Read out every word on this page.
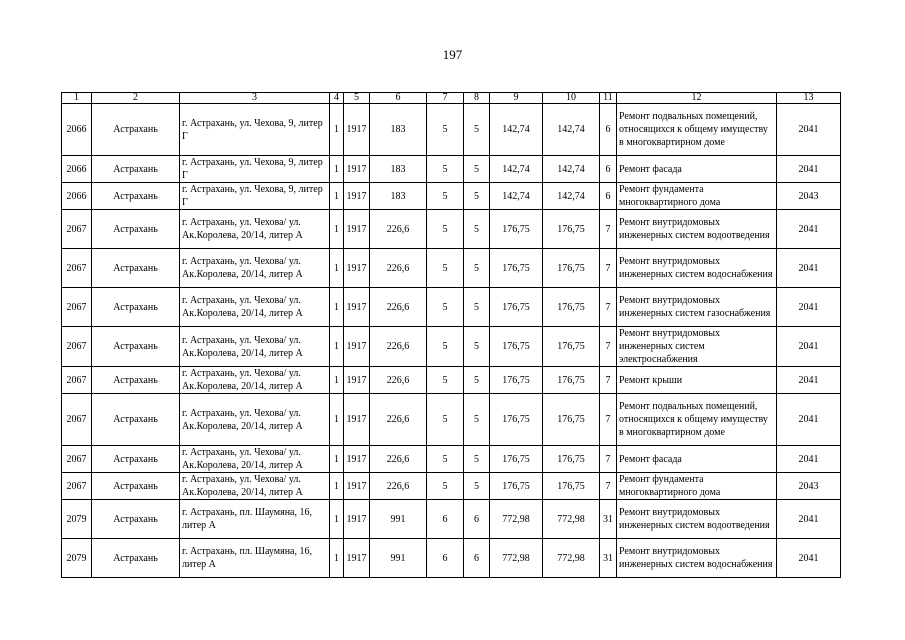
197
1	2	3	4	5	6	7	8	9	10	11	12	13
2066	Астрахань	г. Астрахань, ул. Чехова, 9, литер Г	1	1917	183	5	5	142,74	142,74	6	Ремонт подвальных помещений, относящихся к общему имуществу в многоквартирном доме	2041
2066	Астрахань	г. Астрахань, ул. Чехова, 9, литер Г	1	1917	183	5	5	142,74	142,74	6	Ремонт фасада	2041
2066	Астрахань	г. Астрахань, ул. Чехова, 9, литер Г	1	1917	183	5	5	142,74	142,74	6	Ремонт фундамента многоквартирного дома	2043
2067	Астрахань	г. Астрахань, ул. Чехова/ ул. Ак.Королева, 20/14, литер А	1	1917	226,6	5	5	176,75	176,75	7	Ремонт внутридомовых инженерных систем водоотведения	2041
2067	Астрахань	г. Астрахань, ул. Чехова/ ул. Ак.Королева, 20/14, литер А	1	1917	226,6	5	5	176,75	176,75	7	Ремонт внутридомовых инженерных систем водоснабжения	2041
2067	Астрахань	г. Астрахань, ул. Чехова/ ул. Ак.Королева, 20/14, литер А	1	1917	226,6	5	5	176,75	176,75	7	Ремонт внутридомовых инженерных систем газоснабжения	2041
2067	Астрахань	г. Астрахань, ул. Чехова/ ул. Ак.Королева, 20/14, литер А	1	1917	226,6	5	5	176,75	176,75	7	Ремонт внутридомовых инженерных систем электроснабжения	2041
2067	Астрахань	г. Астрахань, ул. Чехова/ ул. Ак.Королева, 20/14, литер А	1	1917	226,6	5	5	176,75	176,75	7	Ремонт крыши	2041
2067	Астрахань	г. Астрахань, ул. Чехова/ ул. Ак.Королева, 20/14, литер А	1	1917	226,6	5	5	176,75	176,75	7	Ремонт подвальных помещений, относящихся к общему имуществу в многоквартирном доме	2041
2067	Астрахань	г. Астрахань, ул. Чехова/ ул. Ак.Королева, 20/14, литер А	1	1917	226,6	5	5	176,75	176,75	7	Ремонт фасада	2041
2067	Астрахань	г. Астрахань, ул. Чехова/ ул. Ак.Королева, 20/14, литер А	1	1917	226,6	5	5	176,75	176,75	7	Ремонт фундамента многоквартирного дома	2043
2079	Астрахань	г. Астрахань, пл. Шаумяна, 16, литер А	1	1917	991	6	6	772,98	772,98	31	Ремонт внутридомовых инженерных систем водоотведения	2041
2079	Астрахань	г. Астрахань, пл. Шаумяна, 16, литер А	1	1917	991	6	6	772,98	772,98	31	Ремонт внутридомовых инженерных систем водоснабжения	2041
